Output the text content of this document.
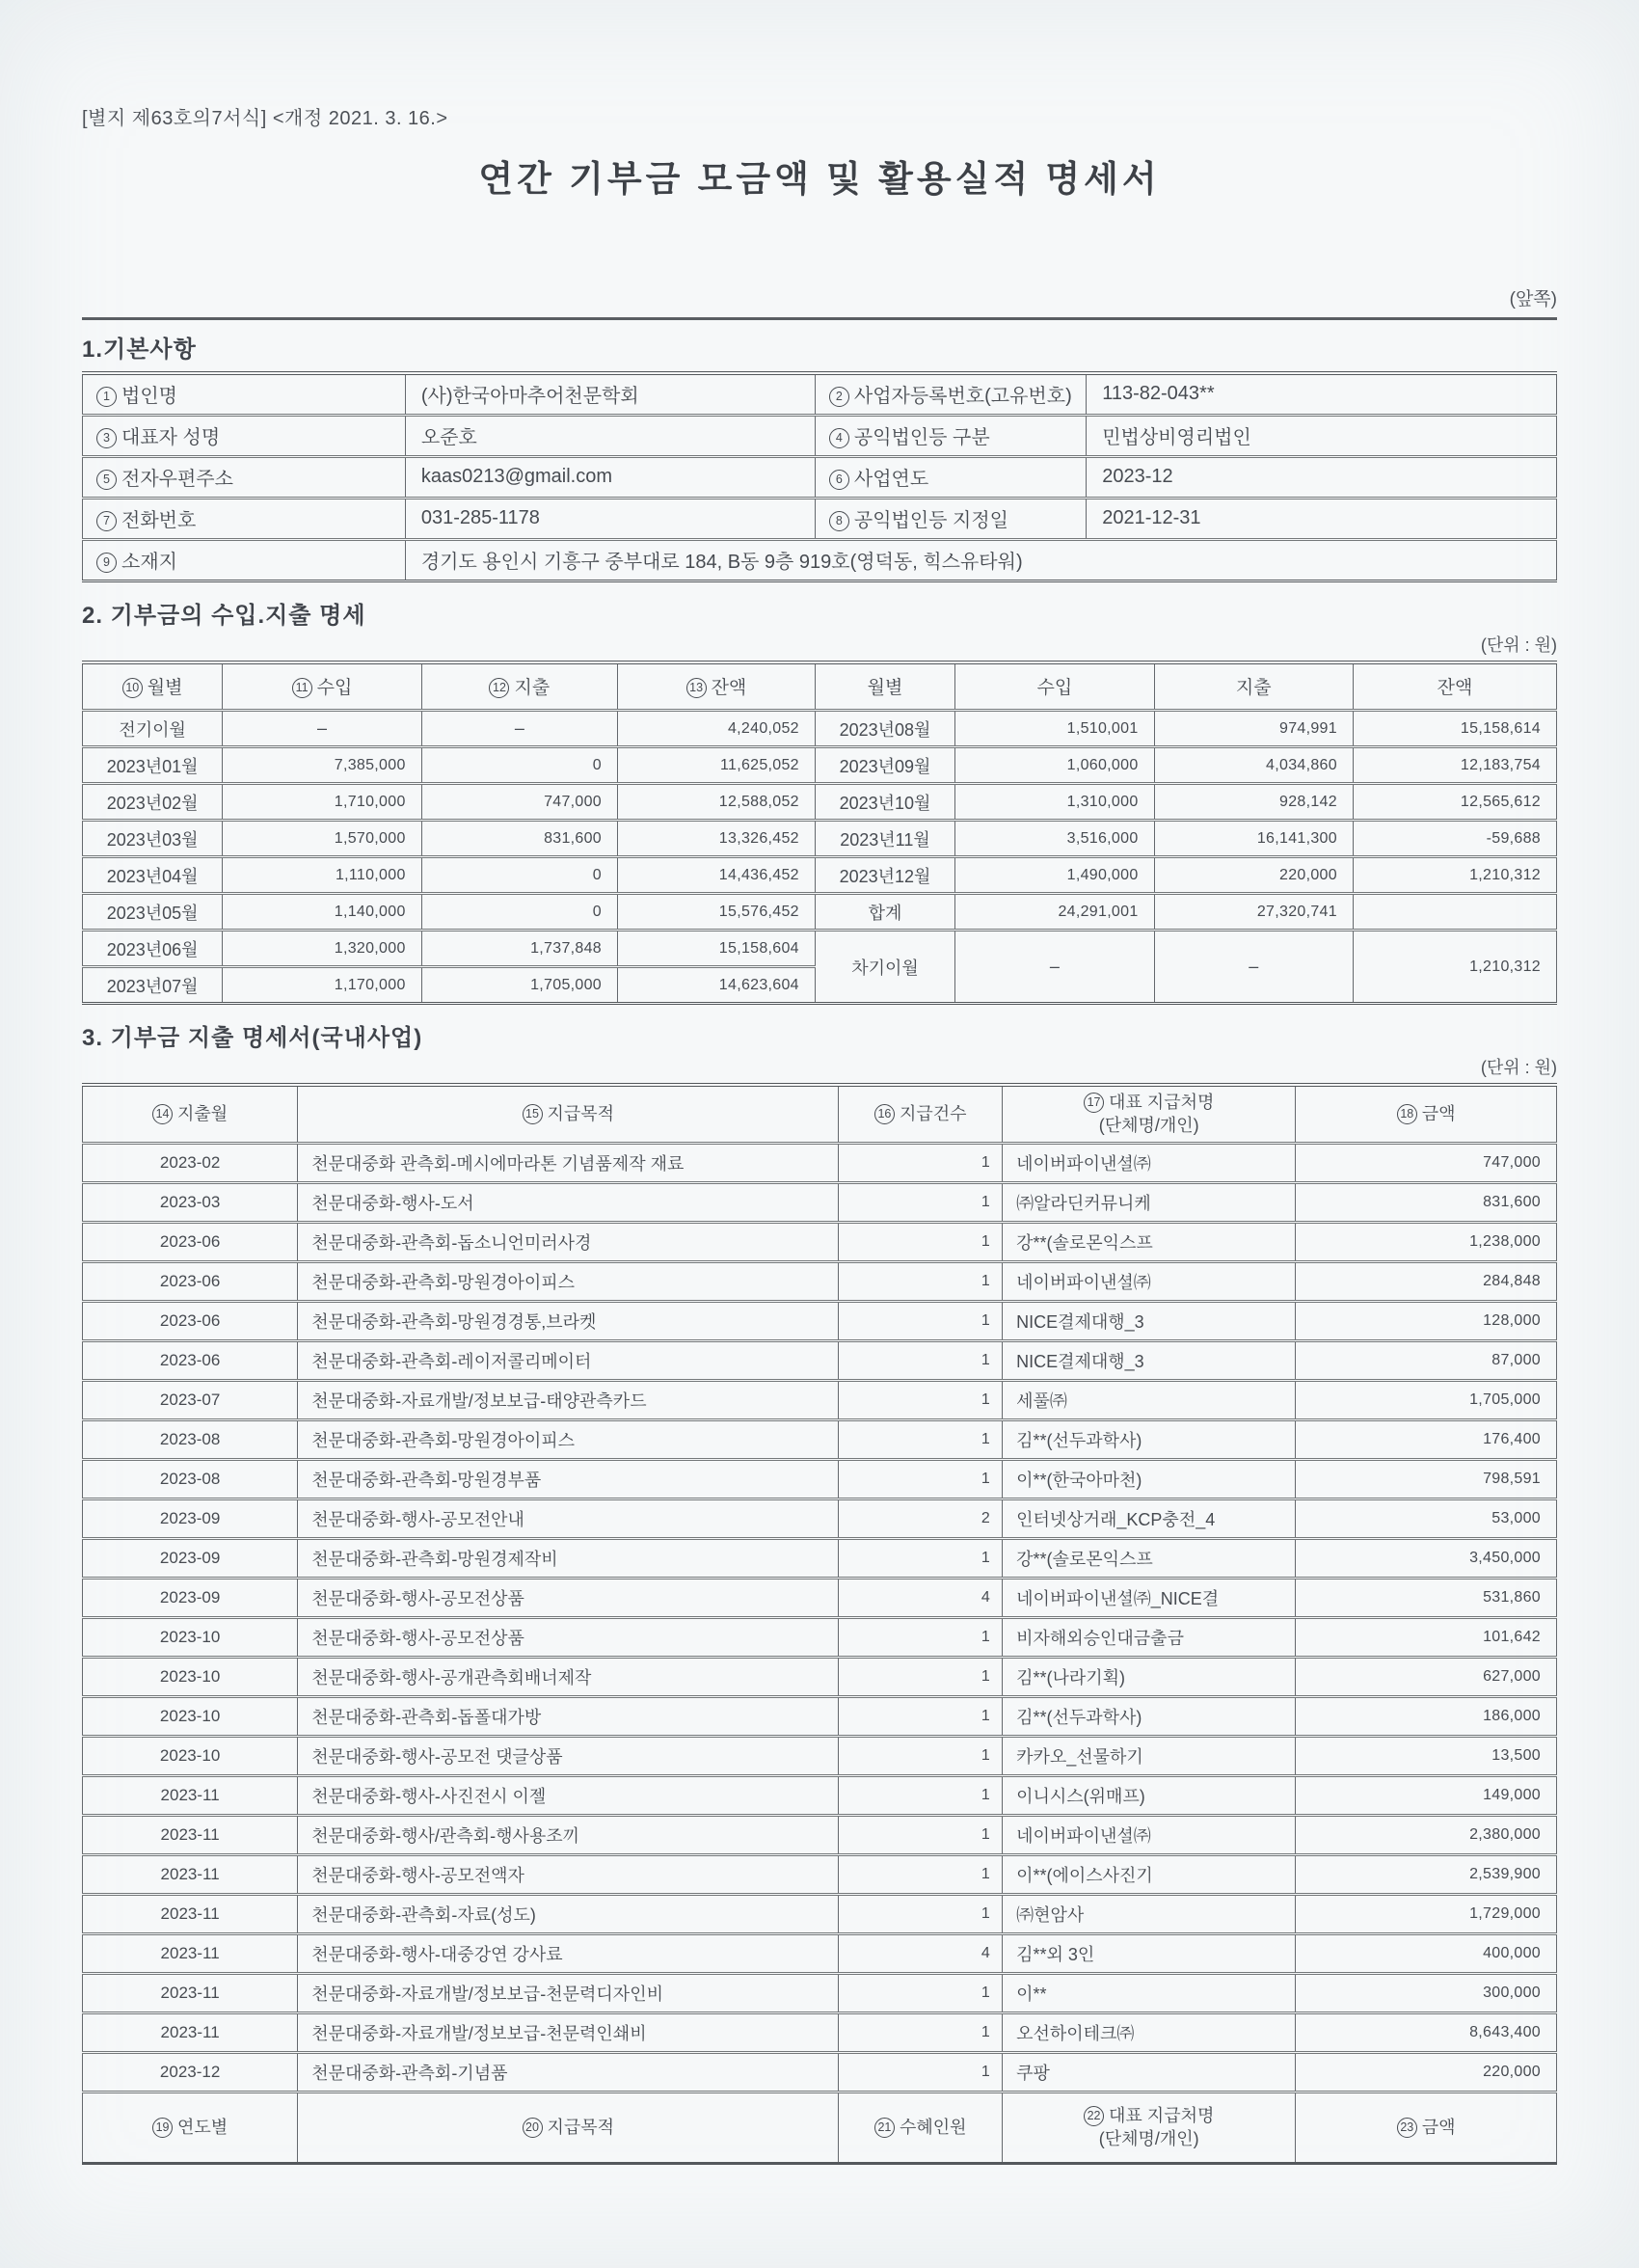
[별지 제63호의7서식] <개정 2021. 3. 16.>
연간 기부금 모금액 및 활용실적 명세서
(앞쪽)
1.기본사항
1 법인명	(사)한국아마추어천문학회	2 사업자등록번호(고유번호)	113-82-043**
3 대표자 성명	오준호	4 공익법인등 구분	민법상비영리법인
5 전자우편주소	kaas0213@gmail.com	6 사업연도	2023-12
7 전화번호	031-285-1178	8 공익법인등 지정일	2021-12-31
9 소재지	경기도 용인시 기흥구 중부대로 184, B동 9층 919호(영덕동, 힉스유타워)		
2. 기부금의 수입.지출 명세
(단위 : 원)
10 월별	11 수입	12 지출	13 잔액	월별	수입	지출	잔액
전기이월	–	–	4,240,052	2023년08월	1,510,001	974,991	15,158,614
2023년01월	7,385,000	0	11,625,052	2023년09월	1,060,000	4,034,860	12,183,754
2023년02월	1,710,000	747,000	12,588,052	2023년10월	1,310,000	928,142	12,565,612
2023년03월	1,570,000	831,600	13,326,452	2023년11월	3,516,000	16,141,300	-59,688
2023년04월	1,110,000	0	14,436,452	2023년12월	1,490,000	220,000	1,210,312
2023년05월	1,140,000	0	15,576,452	합계	24,291,001	27,320,741	
2023년06월	1,320,000	1,737,848	15,158,604	차기이월	–	–	1,210,312
2023년07월	1,170,000	1,705,000	14,623,604				
3. 기부금 지출 명세서(국내사업)
(단위 : 원)
14 지출월	15 지급목적	16 지급건수	17 대표 지급처명
(단체명/개인)	18 금액
2023-02	천문대중화 관측회-메시에마라톤 기념품제작 재료	1	네이버파이낸셜㈜	747,000
2023-03	천문대중화-행사-도서	1	㈜알라딘커뮤니케	831,600
2023-06	천문대중화-관측회-돕소니언미러사경	1	강**(솔로몬익스프	1,238,000
2023-06	천문대중화-관측회-망원경아이피스	1	네이버파이낸셜㈜	284,848
2023-06	천문대중화-관측회-망원경경통,브라켓	1	NICE결제대행_3	128,000
2023-06	천문대중화-관측회-레이저콜리메이터	1	NICE결제대행_3	87,000
2023-07	천문대중화-자료개발/정보보급-태양관측카드	1	세풀㈜	1,705,000
2023-08	천문대중화-관측회-망원경아이피스	1	김**(선두과학사)	176,400
2023-08	천문대중화-관측회-망원경부품	1	이**(한국아마천)	798,591
2023-09	천문대중화-행사-공모전안내	2	인터넷상거래_KCP충전_4	53,000
2023-09	천문대중화-관측회-망원경제작비	1	강**(솔로몬익스프	3,450,000
2023-09	천문대중화-행사-공모전상품	4	네이버파이낸셜㈜_NICE결	531,860
2023-10	천문대중화-행사-공모전상품	1	비자해외승인대금출금	101,642
2023-10	천문대중화-행사-공개관측회배너제작	1	김**(나라기획)	627,000
2023-10	천문대중화-관측회-돕폴대가방	1	김**(선두과학사)	186,000
2023-10	천문대중화-행사-공모전 댓글상품	1	카카오_선물하기	13,500
2023-11	천문대중화-행사-사진전시 이젤	1	이니시스(위매프)	149,000
2023-11	천문대중화-행사/관측회-행사용조끼	1	네이버파이낸셜㈜	2,380,000
2023-11	천문대중화-행사-공모전액자	1	이**(에이스사진기	2,539,900
2023-11	천문대중화-관측회-자료(성도)	1	㈜현암사	1,729,000
2023-11	천문대중화-행사-대중강연 강사료	4	김**외 3인	400,000
2023-11	천문대중화-자료개발/정보보급-천문력디자인비	1	이**	300,000
2023-11	천문대중화-자료개발/정보보급-천문력인쇄비	1	오선하이테크㈜	8,643,400
2023-12	천문대중화-관측회-기념품	1	쿠팡	220,000
19 연도별	20 지급목적	21 수혜인원	22 대표 지급처명
(단체명/개인)	23 금액
